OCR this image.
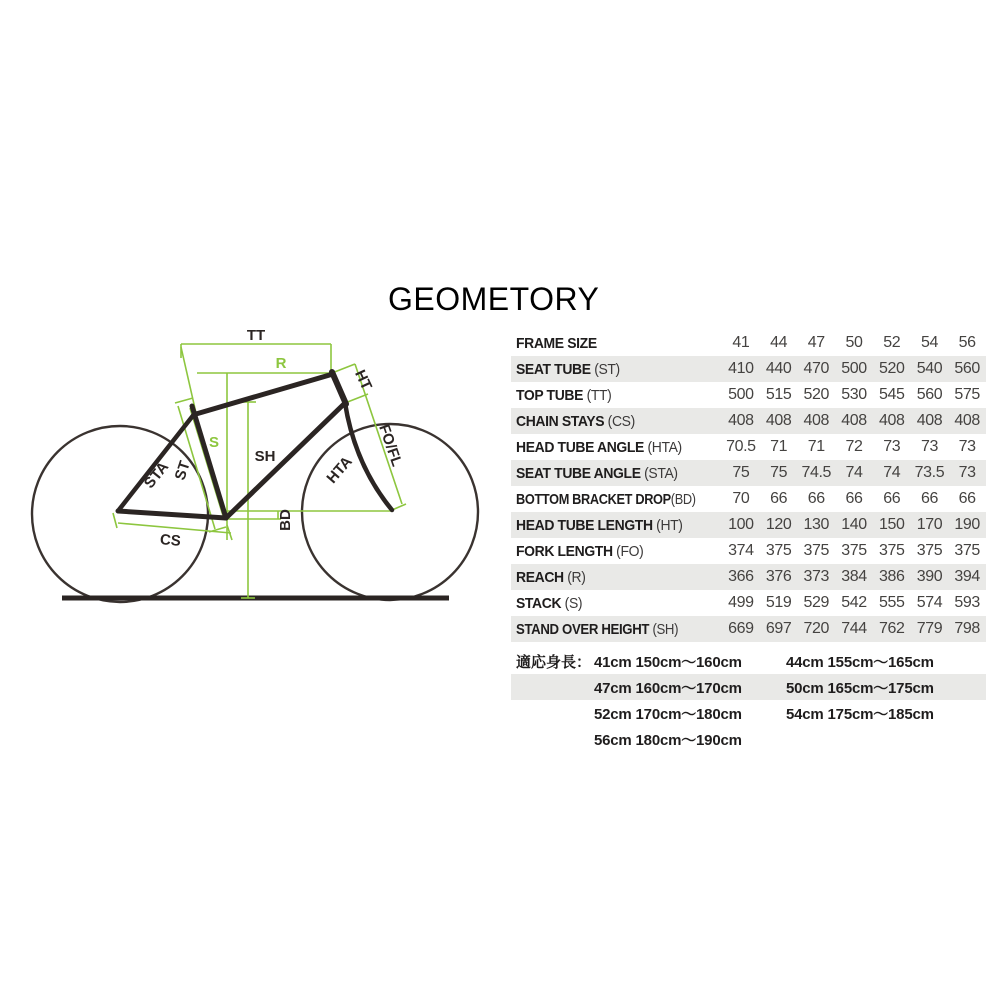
GEOMETORY
TT
R
HT
S
SH
STA ST	HTA
FO/FL
BD
CS
FRAME SIZE	41	44	47	50	52	54	56
SEAT TUBE (ST)	410 440 470 500 520 540 560
TOP TUBE (TT)	500 515 520 530 545 560 575
CHAIN STAYS (CS)	408 408 408 408 408 408 408
HEAD TUBE ANGLE (HTA)	70.5 71	71	72	73	73	73
SEAT TUBE ANGLE (STA)	75	75 74.5 74	74 73.5 73
BOTTOM BRACKET DROP(BD)	70	66	66	66	66	66	66
HEAD TUBE LENGTH (HT)	100 120 130 140 150 170 190
FORK LENGTH (FO)	374 375 375 375 375 375 375
REACH (R)	366 376 373 384 386 390 394
STACK (S)	499 519 529 542 555 574 593
STAND OVER HEIGHT (SH)	669 697 720 744 762 779 798
適応身長： 41cm 150cm～160cm	44cm 155cm～165cm
47cm 160cm～170cm	50cm 165cm～175cm
52cm 170cm～180cm	54cm 175cm～185cm
56cm 180cm～190cm
